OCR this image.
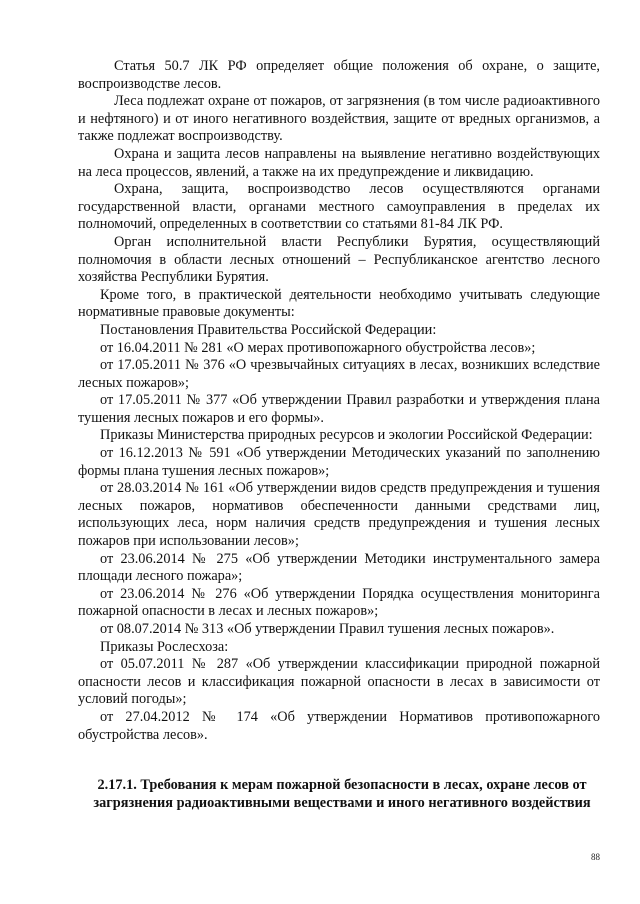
Статья 50.7 ЛК РФ определяет общие положения об охране, о защите, воспроизводстве лесов.

Леса подлежат охране от пожаров, от загрязнения (в том числе радиоактивного и нефтяного) и от иного негативного воздействия, защите от вредных организмов, а также подлежат воспроизводству.

Охрана и защита лесов направлены на выявление негативно воздействующих на леса процессов, явлений, а также на их предупреждение и ликвидацию.

Охрана, защита, воспроизводство лесов осуществляются органами государственной власти, органами местного самоуправления в пределах их полномочий, определенных в соответствии со статьями 81-84 ЛК РФ.

Орган исполнительной власти Республики Бурятия, осуществляющий полномочия в области лесных отношений – Республиканское агентство лесного хозяйства Республики Бурятия.

Кроме того, в практической деятельности необходимо учитывать следующие нормативные правовые документы:

Постановления Правительства Российской Федерации:

от 16.04.2011 № 281 «О мерах противопожарного обустройства лесов»;

от 17.05.2011 № 376 «О чрезвычайных ситуациях в лесах, возникших вследствие лесных пожаров»;

от 17.05.2011 № 377 «Об утверждении Правил разработки и утверждения плана тушения лесных пожаров и его формы».

Приказы Министерства природных ресурсов и экологии Российской Федерации:

от 16.12.2013 № 591 «Об утверждении Методических указаний по заполнению формы плана тушения лесных пожаров»;

от 28.03.2014 № 161 «Об утверждении видов средств предупреждения и тушения лесных пожаров, нормативов обеспеченности данными средствами лиц, использующих леса, норм наличия средств предупреждения и тушения лесных пожаров при использовании лесов»;

от 23.06.2014 № 275 «Об утверждении Методики инструментального замера площади лесного пожара»;

от 23.06.2014 № 276 «Об утверждении Порядка осуществления мониторинга пожарной опасности в лесах и лесных пожаров»;

от 08.07.2014 № 313 «Об утверждении Правил тушения лесных пожаров».

Приказы Рослесхоза:

от 05.07.2011 № 287 «Об утверждении классификации природной пожарной опасности лесов и классификация пожарной опасности в лесах в зависимости от условий погоды»;

от 27.04.2012 № 174 «Об утверждении Нормативов противопожарного обустройства лесов».

2.17.1. Требования к мерам пожарной безопасности в лесах, охране лесов от загрязнения радиоактивными веществами и иного негативного воздействия

88
